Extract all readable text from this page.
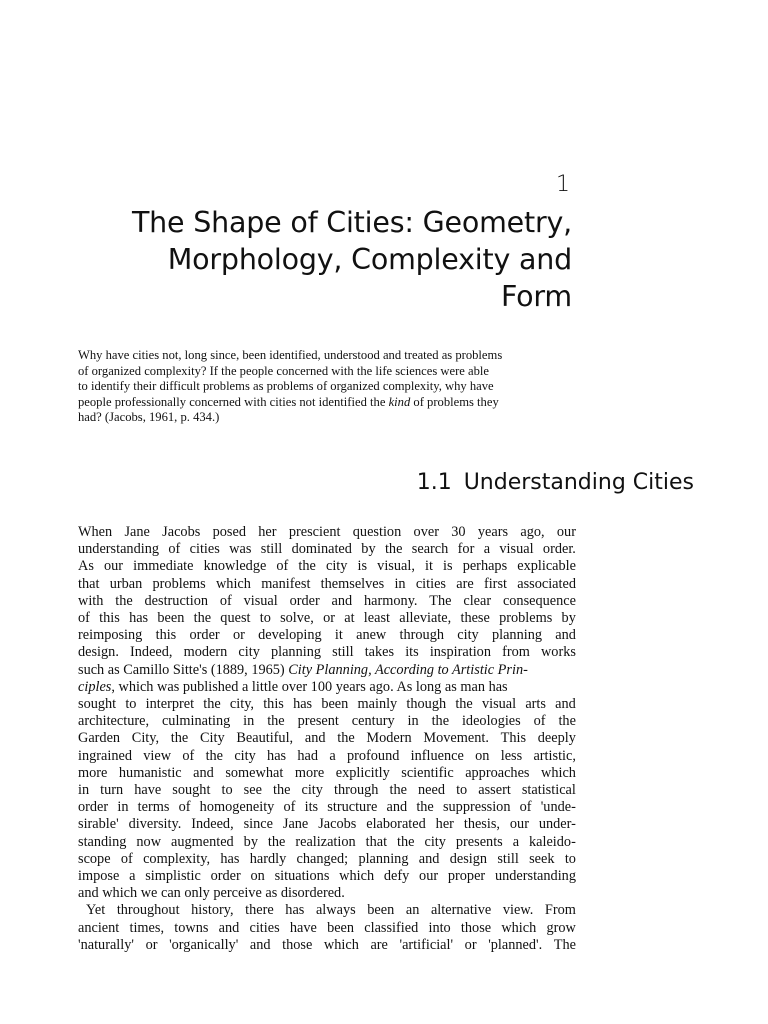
1
The Shape of Cities: Geometry,
Morphology, Complexity and
Form
Why have cities not, long since, been identified, understood and treated as problems
of organized complexity? If the people concerned with the life sciences were able
to identify their difficult problems as problems of organized complexity, why have
people professionally concerned with cities not identified the kind of problems they
had? (Jacobs, 1961, p. 434.)
1.1 Understanding Cities
When Jane Jacobs posed her prescient question over 30 years ago, our
understanding of cities was still dominated by the search for a visual order.
As our immediate knowledge of the city is visual, it is perhaps explicable
that urban problems which manifest themselves in cities are first associated
with the destruction of visual order and harmony. The clear consequence
of this has been the quest to solve, or at least alleviate, these problems by
reimposing this order or developing it anew through city planning and
design. Indeed, modern city planning still takes its inspiration from works
such as Camillo Sitte's (1889, 1965) City Planning, According to Artistic Prin-
ciples , which was published a little over 100 years ago. As long as man has
sought to interpret the city, this has been mainly though the visual arts and
architecture, culminating in the present century in the ideologies of the
Garden City, the City Beautiful, and the Modern Movement. This deeply
ingrained view of the city has had a profound influence on less artistic,
more humanistic and somewhat more explicitly scientific approaches which
in turn have sought to see the city through the need to assert statistical
order in terms of homogeneity of its structure and the suppression of 'unde-
sirable' diversity. Indeed, since Jane Jacobs elaborated her thesis, our under-
standing now augmented by the realization that the city presents a kaleido-
scope of complexity, has hardly changed; planning and design still seek to
impose a simplistic order on situations which defy our proper understanding
and which we can only perceive as disordered.
Yet throughout history, there has always been an alternative view. From
ancient times, towns and cities have been classified into those which grow
'naturally' or 'organically' and those which are 'artificial' or 'planned'. The
